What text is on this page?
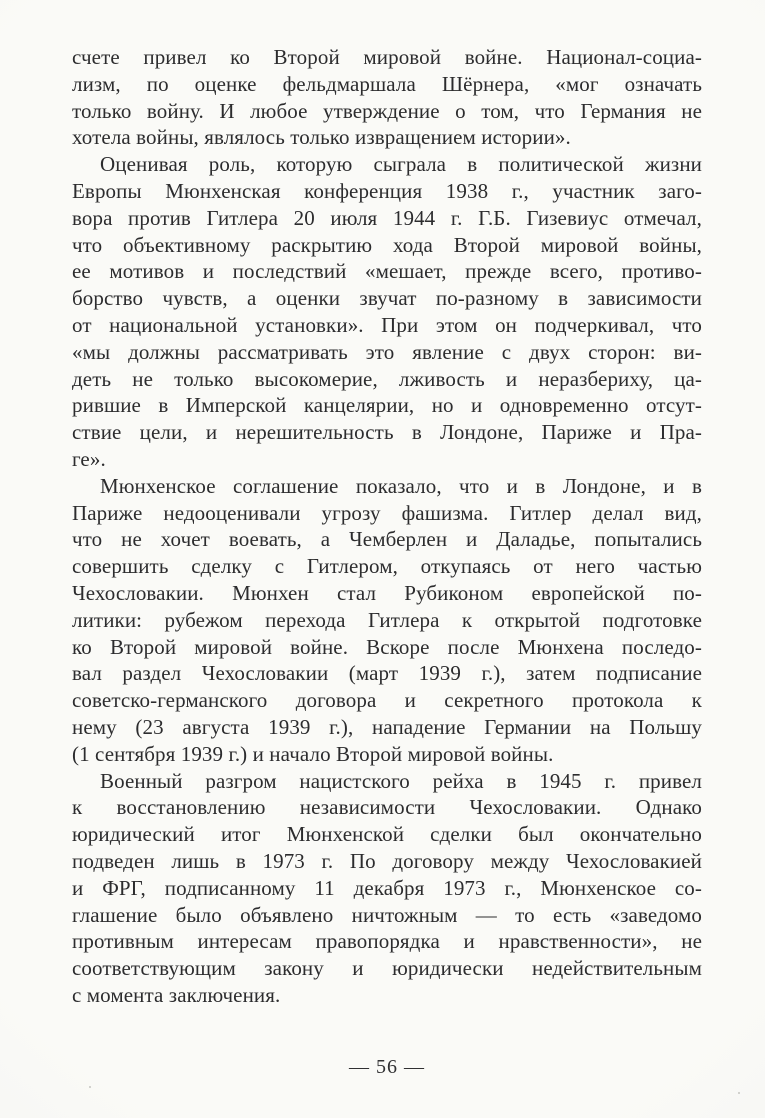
счете привел ко Второй мировой войне. Национал-социа-
лизм, по оценке фельдмаршала Шёрнера, «мог означать
только войну. И любое утверждение о том, что Германия не
хотела войны, являлось только извращением истории».
Оценивая роль, которую сыграла в политической жизни
Европы Мюнхенская конференция 1938 г., участник заго-
вора против Гитлера 20 июля 1944 г. Г.Б. Гизевиус отмечал,
что объективному раскрытию хода Второй мировой войны,
ее мотивов и последствий «мешает, прежде всего, противо-
борство чувств, а оценки звучат по-разному в зависимости
от национальной установки». При этом он подчеркивал, что
«мы должны рассматривать это явление с двух сторон: ви-
деть не только высокомерие, лживость и неразбериху, ца-
рившие в Имперской канцелярии, но и одновременно отсут-
ствие цели, и нерешительность в Лондоне, Париже и Пра-
ге».
Мюнхенское соглашение показало, что и в Лондоне, и в
Париже недооценивали угрозу фашизма. Гитлер делал вид,
что не хочет воевать, а Чемберлен и Даладье, попытались
совершить сделку с Гитлером, откупаясь от него частью
Чехословакии. Мюнхен стал Рубиконом европейской по-
литики: рубежом перехода Гитлера к открытой подготовке
ко Второй мировой войне. Вскоре после Мюнхена последо-
вал раздел Чехословакии (март 1939 г.), затем подписание
советско-германского договора и секретного протокола к
нему (23 августа 1939 г.), нападение Германии на Польшу
(1 сентября 1939 г.) и начало Второй мировой войны.
Военный разгром нацистского рейха в 1945 г. привел
к восстановлению независимости Чехословакии. Однако
юридический итог Мюнхенской сделки был окончательно
подведен лишь в 1973 г. По договору между Чехословакией
и ФРГ, подписанному 11 декабря 1973 г., Мюнхенское со-
глашение было объявлено ничтожным — то есть «заведомо
противным интересам правопорядка и нравственности», не
соответствующим закону и юридически недействительным
с момента заключения.
— 56 —
